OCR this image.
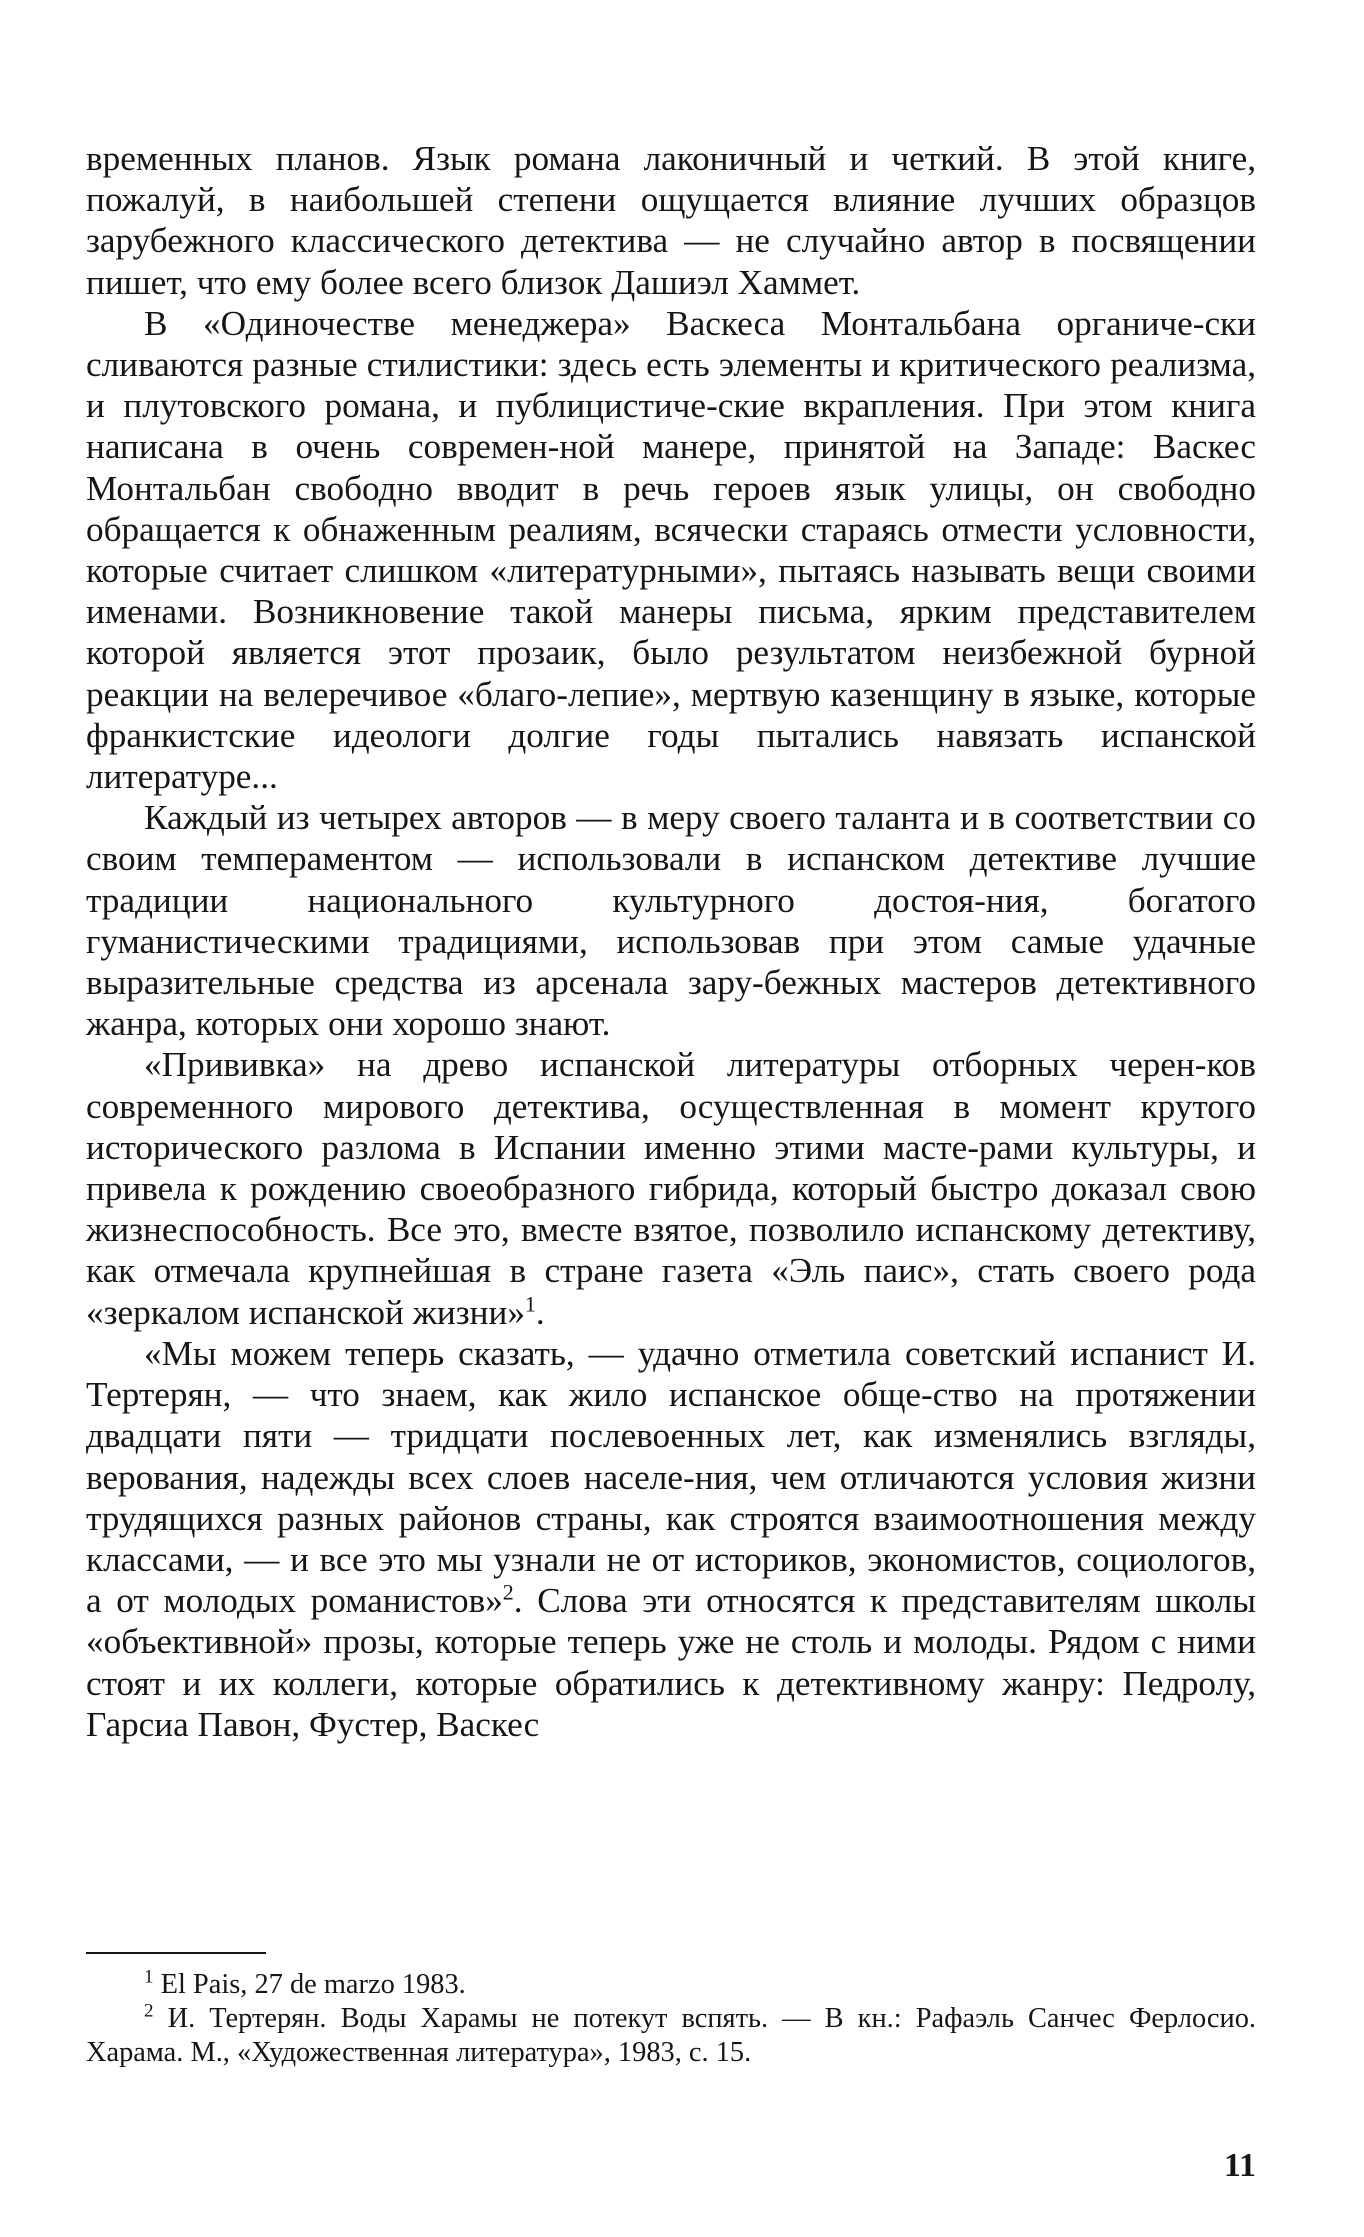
временных планов. Язык романа лаконичный и четкий. В этой книге, пожалуй, в наибольшей степени ощущается влияние лучших образцов зарубежного классического детектива — не случайно автор в посвящении пишет, что ему более всего близок Дашиэл Хаммет.

В «Одиночестве менеджера» Васкеса Монтальбана органиче-ски сливаются разные стилистики: здесь есть элементы и критического реализма, и плутовского романа, и публицистиче-ские вкрапления. При этом книга написана в очень современ-ной манере, принятой на Западе: Васкес Монтальбан свободно вводит в речь героев язык улицы, он свободно обращается к обнаженным реалиям, всячески стараясь отмести условности, которые считает слишком «литературными», пытаясь называть вещи своими именами. Возникновение такой манеры письма, ярким представителем которой является этот прозаик, было результатом неизбежной бурной реакции на велеречивое «благо-лепие», мертвую казенщину в языке, которые франкистские идеологи долгие годы пытались навязать испанской литературе...

Каждый из четырех авторов — в меру своего таланта и в соответствии со своим темпераментом — использовали в испанском детективе лучшие традиции национального культурного достоя-ния, богатого гуманистическими традициями, использовав при этом самые удачные выразительные средства из арсенала зару-бежных мастеров детективного жанра, которых они хорошо знают.

«Прививка» на древо испанской литературы отборных черен-ков современного мирового детектива, осуществленная в момент крутого исторического разлома в Испании именно этими масте-рами культуры, и привела к рождению своеобразного гибрида, который быстро доказал свою жизнеспособность. Все это, вместе взятое, позволило испанскому детективу, как отмечала крупнейшая в стране газета «Эль паис», стать своего рода «зеркалом испанской жизни»$^1$.

«Мы можем теперь сказать, — удачно отметила советский испанист И. Тертерян, — что знаем, как жило испанское обще-ство на протяжении двадцати пяти — тридцати послевоенных лет, как изменялись взгляды, верования, надежды всех слоев населе-ния, чем отличаются условия жизни трудящихся разных районов страны, как строятся взаимоотношения между классами, — и все это мы узнали не от историков, экономистов, социологов, а от молодых романистов»$^2$. Слова эти относятся к представителям школы «объективной» прозы, которые теперь уже не столь и молоды. Рядом с ними стоят и их коллеги, которые обратились к детективному жанру: Педролу, Гарсиа Павон, Фустер, Васкес

$^1$ El Pais, 27 de marzo 1983.

$^2$ И. Тертерян. Воды Харамы не потекут вспять. — В кн.: Рафаэль Санчес Ферлосио. Харама. М., «Художественная литература», 1983, с. 15.

11
